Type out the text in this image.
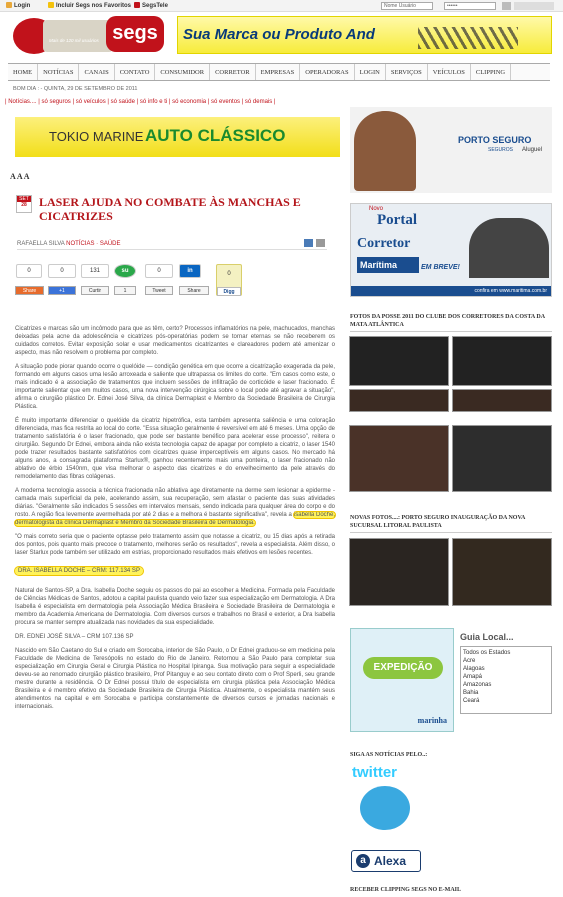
Login	Incluir Segs nos Favoritos	SegsTele	Nome Usuário	••••••
Mais de 120 mil usuários segs	Sua Marca ou Produto And
HOME	NOTÍCIAS	CANAIS	CONTATO	CONSUMIDOR	CORRETOR	EMPRESAS	OPERADORAS	LOGIN	SERVIÇOS	VEÍCULOS	CLIPPING
BOM DIA : - QUINTA, 29 DE SETEMBRO DE 2011
| Notícias.... | só seguros | só veículos | só saúde | só info e ti | só economia | só eventos | só demais |
TOKIO MARINE AUTO CLÁSSICO
A A A
SET
28	LASER AJUDA NO COMBATE ÀS MANCHAS E CICATRIZES
RAFAELLA SILVA NOTÍCIAS · SAÚDE
0
Share
0
+1
131
Curtir
su
1
0
Tweet
in
Share
0
Digg

Cicatrizes e marcas são um incômodo para que as têm, certo? Processos inflamatórios na pele, machucados, manchas deixadas pela acne da adolescência e cicatrizes pós-operatórias podem se tornar eternas se não receberem os cuidados corretos. Evitar exposição solar e usar medicamentos cicatrizantes e clareadores podem até amenizar o aspecto, mas não resolvem o problema por completo.

A situação pode piorar quando ocorre o quelóide — condição genética em que ocorre a cicatrização exagerada da pele, formando em alguns casos uma lesão arroxeada e saliente que ultrapassa os limites do corte. "Em casos como este, o mais indicado é a associação de tratamentos que incluem sessões de infiltração de corticóide e laser fracionado. É importante salientar que em muitos casos, uma nova intervenção cirúrgica sobre o local pode até agravar a situação", afirma o cirurgião plástico Dr. Ednei José Silva, da clínica Dermaplast e Membro da Sociedade Brasileira de Cirurgia Plástica.

É muito importante diferenciar o quelóide da cicatriz hipetrófica, esta também apresenta saliência e uma coloração diferenciada, mas fica restrita ao local do corte. "Essa situação geralmente é reversível em até 6 meses. Uma opção de tratamento satisfatória é o laser fracionado, que pode ser bastante benéfico para acelerar esse processo", reitera o cirurgião. Segundo Dr Ednei, embora ainda não exista tecnologia capaz de apagar por completo a cicatriz, o laser 1540 pode trazer resultados bastante satisfatórios com cicatrizes quase imperceptíveis em alguns casos. No mercado há alguns anos, a consagrada plataforma Starlux®, ganhou recentemente mais uma ponteira, o laser fracionado não ablativo de érbio 1540nm, que visa melhorar o aspecto das cicatrizes e do envelhecimento da pele através do remodelamento das fibras colágenas.

A moderna tecnologia associa a técnica fracionada não ablativa age diretamente na derme sem lesionar a epiderme - camada mais superficial da pele, acelerando assim, sua recuperação, sem afastar o paciente das suas atividades diárias. "Geralmente são indicados 5 sessões em intervalos mensais, sendo indicada para qualquer área do corpo e do rosto. A região fica levemente avermelhada por até 2 dias e a melhora é bastante significativa", revela a Isabella Doche, dermatologista da clínica Dermaplast e Membro da Sociedade Brasileira de Dermatologia.

"O mais correto seria que o paciente optasse pelo tratamento assim que notasse a cicatriz, ou 15 dias após a retirada dos pontos, pois quanto mais precoce o tratamento, melhores serão os resultados", revela a especialista. Além disso, o laser Starlux pode também ser utilizado em estrias, proporcionado resultados mais efetivos em lesões recentes.

DRA. ISABELLA DOCHE – CRM: 117.134 SP

Natural de Santos-SP, a Dra. Isabella Doche seguiu os passos do pai ao escolher a Medicina. Formada pela Faculdade de Ciências Médicas de Santos, adotou a capital paulista quando veio fazer sua especialização em Dermatologia. A Dra Isabella é especialista em dermatologia pela Associação Médica Brasileira e Sociedade Brasileira de Dermatologia e membro da Academia Americana de Dermatologia. Com diversos cursos e trabalhos no Brasil e exterior, a Dra Isabella procura se manter sempre atualizada nas novidades da sua especialidade.

DR. EDNEI JOSÉ SILVA – CRM 107.136 SP

Nascido em São Caetano do Sul e criado em Sorocaba, interior de São Paulo, o Dr Ednei graduou-se em medicina pela Faculdade de Medicina de Teresópolis no estado do Rio de Janeiro. Retornou a São Paulo para completar sua especialização em Cirurgia Geral e Cirurgia Plástica no Hospital Ipiranga. Sua motivação para seguir a especialidade deveu-se ao renomado cirurgião plástico brasileiro, Prof Pitanguy e ao seu contato direto com o Prof Sperli, seu grande mestre durante a residência. O Dr Ednei possui título de especialista em cirurgia plástica pela Associação Médica Brasileira e é membro efetivo da Sociedade Brasileira de Cirurgia Plástica. Atualmente, o especialista mantém seus atendimentos na capital e em Sorocaba e participa constantemente de diversos cursos e jornadas nacionais e internacionais.

PORTO SEGURO
SEGUROS Aluguel
Novo
Portal
Corretor
Marítima	EM BREVE!
confira em www.maritima.com.br
FOTOS DA POSSE 2011 DO CLUBE DOS CORRETORES DA COSTA DA MATA ATLÂNTICA
NOVAS FOTOS....: PORTO SEGURO INAUGURAÇÃO DA NOVA SUCURSAL LITORAL PAULISTA
EXPEDIÇÃO
marinha
Guia Local...
Todos os Estados
Acre
Alagoas
Amapá
Amazonas
Bahia
Ceará
SIGA AS NOTÍCIAS PELO..:
twitter
a Alexa
RECEBER CLIPPING SEGS NO E-MAIL
